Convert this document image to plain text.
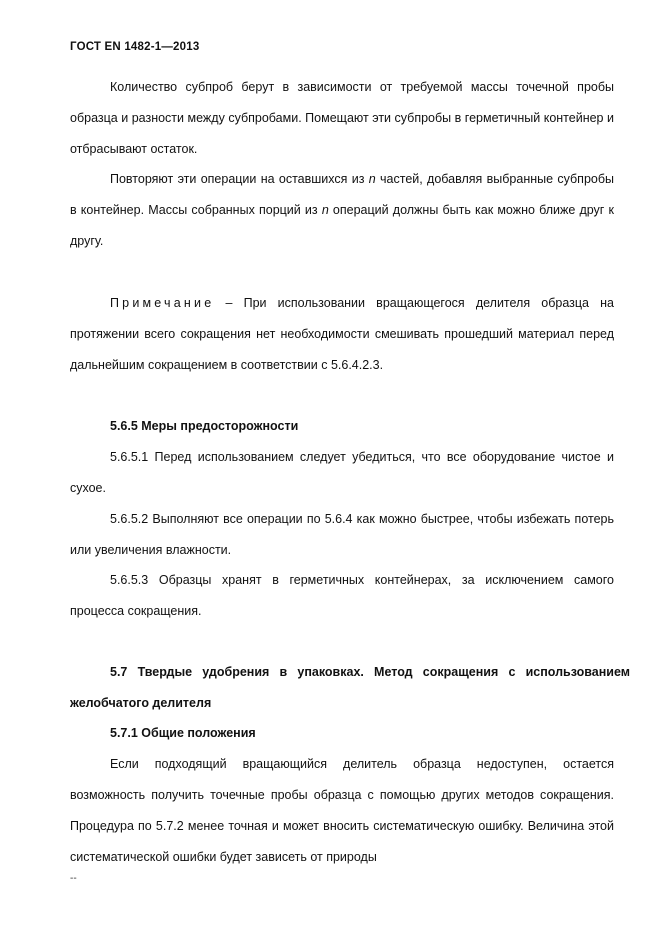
ГОСТ EN 1482-1—2013

Количество субпроб берут в зависимости от требуемой массы точечной пробы образца и разности между субпробами. Помещают эти субпробы в герметичный контейнер и отбрасывают остаток.

Повторяют эти операции на оставшихся из n частей, добавляя выбранные субпробы в контейнер. Массы собранных порций из n операций должны быть как можно ближе друг к другу.

Примечание – При использовании вращающегося делителя образца на протяжении всего сокращения нет необходимости смешивать прошедший материал перед дальнейшим сокращением в соответствии с 5.6.4.2.3.

5.6.5 Меры предосторожности

5.6.5.1 Перед использованием следует убедиться, что все оборудование чистое и сухое.

5.6.5.2 Выполняют все операции по 5.6.4 как можно быстрее, чтобы избежать потерь или увеличения влажности.

5.6.5.3 Образцы хранят в герметичных контейнерах, за исключением самого процесса сокращения.

5.7 Твердые удобрения в упаковках. Метод сокращения с использованием желобчатого делителя

5.7.1 Общие положения

Если подходящий вращающийся делитель образца недоступен, остается возможность получить точечные пробы образца с помощью других методов сокращения. Процедура по 5.7.2 менее точная и может вносить систематическую ошибку. Величина этой систематической ошибки будет зависеть от природы

--
